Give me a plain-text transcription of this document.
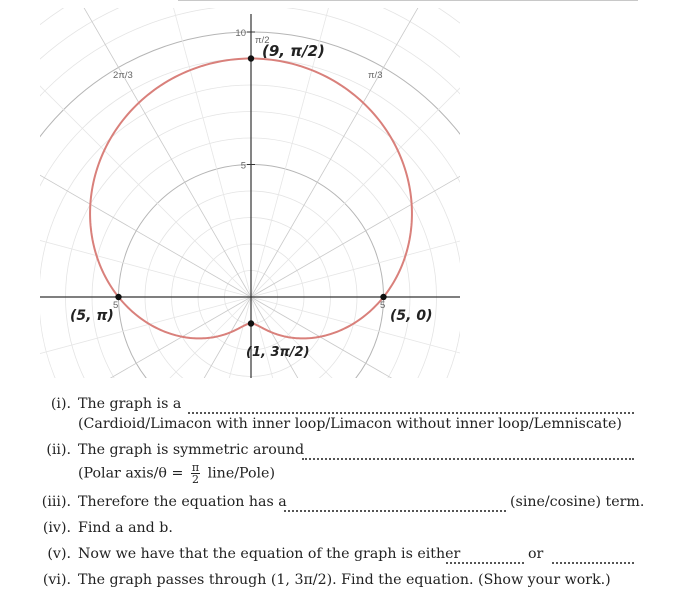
10
5
2π/3	π/3
π/2
5	5
(9, π/2)
(5, π)	(5, 0)
(1, 3π/2)
(i). The graph is a
(Cardioid/Limacon with inner loop/Limacon without inner loop/Lemniscate)
(ii). The graph is symmetric around
(Polar axis/θ = $\frac{\pi}{2}$ line/Pole)
(iii). Therefore the equation has a	(sine/cosine) term.
(iv). Find a and b.
(v). Now we have that the equation of the graph is either	or
(vi). The graph passes through (1, 3π/2). Find the equation. (Show your work.)
